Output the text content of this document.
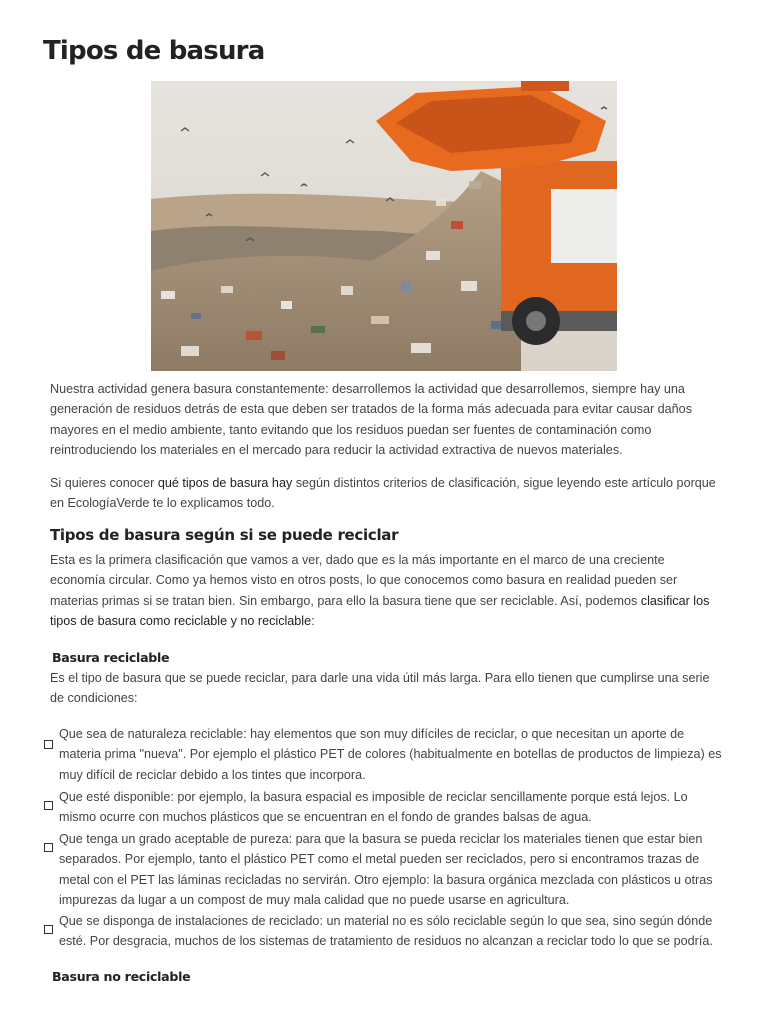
Tipos de basura

Nuestra actividad genera basura constantemente: desarrollemos la actividad que desarrollemos, siempre hay una generación de residuos detrás de esta que deben ser tratados de la forma más adecuada para evitar causar daños mayores en el medio ambiente, tanto evitando que los residuos puedan ser fuentes de contaminación como reintroduciendo los materiales en el mercado para reducir la actividad extractiva de nuevos materiales.

Si quieres conocer qué tipos de basura hay según distintos criterios de clasificación, sigue leyendo este artículo porque en EcologíaVerde te lo explicamos todo.

Tipos de basura según si se puede reciclar

Esta es la primera clasificación que vamos a ver, dado que es la más importante en el marco de una creciente economía circular. Como ya hemos visto en otros posts, lo que conocemos como basura en realidad pueden ser materias primas si se tratan bien. Sin embargo, para ello la basura tiene que ser reciclable. Así, podemos clasificar los tipos de basura como reciclable y no reciclable:

Basura reciclable

Es el tipo de basura que se puede reciclar, para darle una vida útil más larga. Para ello tienen que cumplirse una serie de condiciones:

Que sea de naturaleza reciclable: hay elementos que son muy difíciles de reciclar, o que necesitan un aporte de materia prima "nueva". Por ejemplo el plástico PET de colores (habitualmente en botellas de productos de limpieza) es muy difícil de reciclar debido a los tintes que incorpora.
Que esté disponible: por ejemplo, la basura espacial es imposible de reciclar sencillamente porque está lejos. Lo mismo ocurre con muchos plásticos que se encuentran en el fondo de grandes balsas de agua.
Que tenga un grado aceptable de pureza: para que la basura se pueda reciclar los materiales tienen que estar bien separados. Por ejemplo, tanto el plástico PET como el metal pueden ser reciclados, pero si encontramos trazas de metal con el PET las láminas recicladas no servirán. Otro ejemplo: la basura orgánica mezclada con plásticos u otras impurezas da lugar a un compost de muy mala calidad que no puede usarse en agricultura.
Que se disponga de instalaciones de reciclado: un material no es sólo reciclable según lo que sea, sino según dónde esté. Por desgracia, muchos de los sistemas de tratamiento de residuos no alcanzan a reciclar todo lo que se podría.
Basura no reciclable
